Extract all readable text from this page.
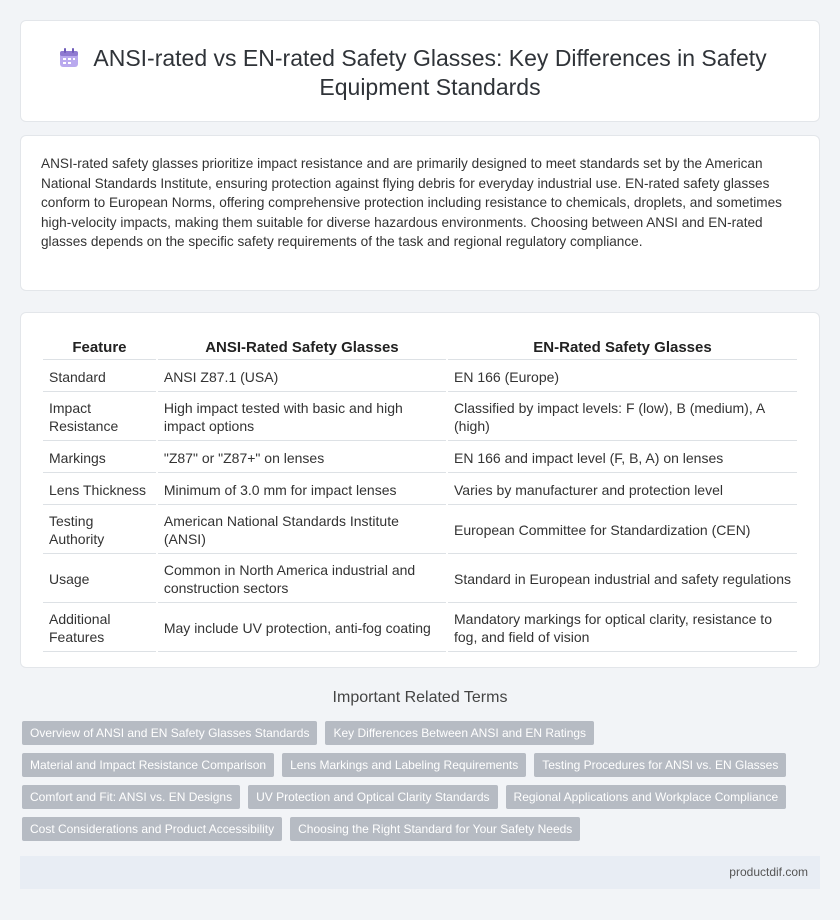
ANSI-rated vs EN-rated Safety Glasses: Key Differences in Safety Equipment Standards

ANSI-rated safety glasses prioritize impact resistance and are primarily designed to meet standards set by the American National Standards Institute, ensuring protection against flying debris for everyday industrial use. EN-rated safety glasses conform to European Norms, offering comprehensive protection including resistance to chemicals, droplets, and sometimes high-velocity impacts, making them suitable for diverse hazardous environments. Choosing between ANSI and EN-rated glasses depends on the specific safety requirements of the task and regional regulatory compliance.

Feature	ANSI-Rated Safety Glasses	EN-Rated Safety Glasses
Standard	ANSI Z87.1 (USA)	EN 166 (Europe)
Impact Resistance	High impact tested with basic and high impact options	Classified by impact levels: F (low), B (medium), A (high)
Markings	"Z87" or "Z87+" on lenses	EN 166 and impact level (F, B, A) on lenses
Lens Thickness	Minimum of 3.0 mm for impact lenses	Varies by manufacturer and protection level
Testing Authority	American National Standards Institute (ANSI)	European Committee for Standardization (CEN)
Usage	Common in North America industrial and construction sectors	Standard in European industrial and safety regulations
Additional Features	May include UV protection, anti-fog coating	Mandatory markings for optical clarity, resistance to fog, and field of vision
Important Related Terms
Overview of ANSI and EN Safety Glasses Standards	Key Differences Between ANSI and EN Ratings
Material and Impact Resistance Comparison	Lens Markings and Labeling Requirements	Testing Procedures for ANSI vs. EN Glasses
Comfort and Fit: ANSI vs. EN Designs	UV Protection and Optical Clarity Standards	Regional Applications and Workplace Compliance
Cost Considerations and Product Accessibility	Choosing the Right Standard for Your Safety Needs
productdif.com
